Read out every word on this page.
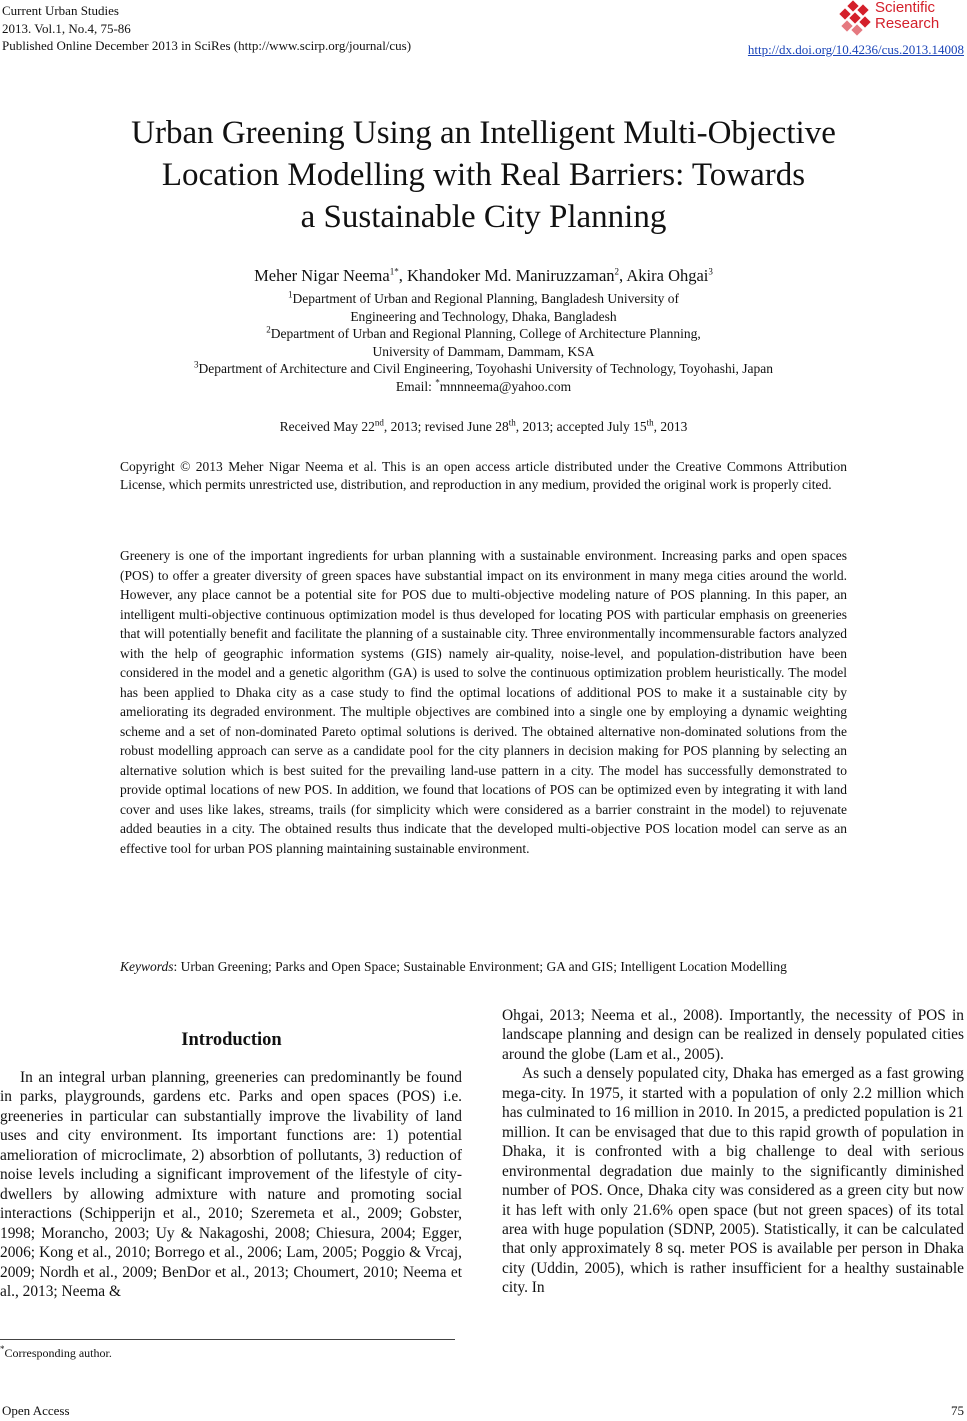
Current Urban Studies
2013. Vol.1, No.4, 75-86
Published Online December 2013 in SciRes (http://www.scirp.org/journal/cus)
Scientific
Research
http://dx.doi.org/10.4236/cus.2013.14008
Urban Greening Using an Intelligent Multi-Objective
Location Modelling with Real Barriers: Towards
a Sustainable City Planning
Meher Nigar Neema$^{1*}$, Khandoker Md. Maniruzzaman$^2$, Akira Ohgai$^3$
$^1$Department of Urban and Regional Planning, Bangladesh University of
Engineering and Technology, Dhaka, Bangladesh
$^2$Department of Urban and Regional Planning, College of Architecture Planning,
University of Dammam, Dammam, KSA
$^3$Department of Architecture and Civil Engineering, Toyohashi University of Technology, Toyohashi, Japan
Email: *mnnneema@yahoo.com
Received May 22nd, 2013; revised June 28th, 2013; accepted July 15th, 2013
Copyright © 2013 Meher Nigar Neema et al. This is an open access article distributed under the Creative Commons Attribution License, which permits unrestricted use, distribution, and reproduction in any medium, provided the original work is properly cited.
Greenery is one of the important ingredients for urban planning with a sustainable environment. Increasing parks and open spaces (POS) to offer a greater diversity of green spaces have substantial impact on its environment in many mega cities around the world. However, any place cannot be a potential site for POS due to multi-objective modeling nature of POS planning. In this paper, an intelligent multi-objective continuous optimization model is thus developed for locating POS with particular emphasis on greeneries that will potentially benefit and facilitate the planning of a sustainable city. Three environmentally incommensurable factors analyzed with the help of geographic information systems (GIS) namely air-quality, noise-level, and population-distribution have been considered in the model and a genetic algorithm (GA) is used to solve the continuous optimization problem heuristically. The model has been applied to Dhaka city as a case study to find the optimal locations of additional POS to make it a sustainable city by ameliorating its degraded environment. The multiple objectives are combined into a single one by employing a dynamic weighting scheme and a set of non-dominated Pareto optimal solutions is derived. The obtained alternative non-dominated solutions from the robust modelling approach can serve as a candidate pool for the city planners in decision making for POS planning by selecting an alternative solution which is best suited for the prevailing land-use pattern in a city. The model has successfully demonstrated to provide optimal locations of new POS. In addition, we found that locations of POS can be optimized even by integrating it with land cover and uses like lakes, streams, trails (for simplicity which were considered as a barrier constraint in the model) to rejuvenate added beauties in a city. The obtained results thus indicate that the developed multi-objective POS location model can serve as an effective tool for urban POS planning maintaining sustainable environment.
Keywords: Urban Greening; Parks and Open Space; Sustainable Environment; GA and GIS; Intelligent Location Modelling
Introduction

In an integral urban planning, greeneries can predominantly be found in parks, playgrounds, gardens etc. Parks and open spaces (POS) i.e. greeneries in particular can substantially improve the livability of land uses and city environment. Its important functions are: 1) potential amelioration of microclimate, 2) absorbtion of pollutants, 3) reduction of noise levels including a significant improvement of the lifestyle of city-dwellers by allowing admixture with nature and promoting social interactions (Schipperijn et al., 2010; Szeremeta et al., 2009; Gobster, 1998; Morancho, 2003; Uy & Nakagoshi, 2008; Chiesura, 2004; Egger, 2006; Kong et al., 2010; Borrego et al., 2006; Lam, 2005; Poggio & Vrcaj, 2009; Nordh et al., 2009; BenDor et al., 2013; Choumert, 2010; Neema et al., 2013; Neema &

Ohgai, 2013; Neema et al., 2008). Importantly, the necessity of POS in landscape planning and design can be realized in densely populated cities around the globe (Lam et al., 2005).

As such a densely populated city, Dhaka has emerged as a fast growing mega-city. In 1975, it started with a population of only 2.2 million which has culminated to 16 million in 2010. In 2015, a predicted population is 21 million. It can be envisaged that due to this rapid growth of population in Dhaka, it is confronted with a big challenge to deal with serious environmental degradation due mainly to the significantly diminished number of POS. Once, Dhaka city was considered as a green city but now it has left with only 21.6% open space (but not green spaces) of its total area with huge population (SDNP, 2005). Statistically, it can be calculated that only approximately 8 sq. meter POS is available per person in Dhaka city (Uddin, 2005), which is rather insufficient for a healthy sustainable city. In

*Corresponding author.
Open Access	75
